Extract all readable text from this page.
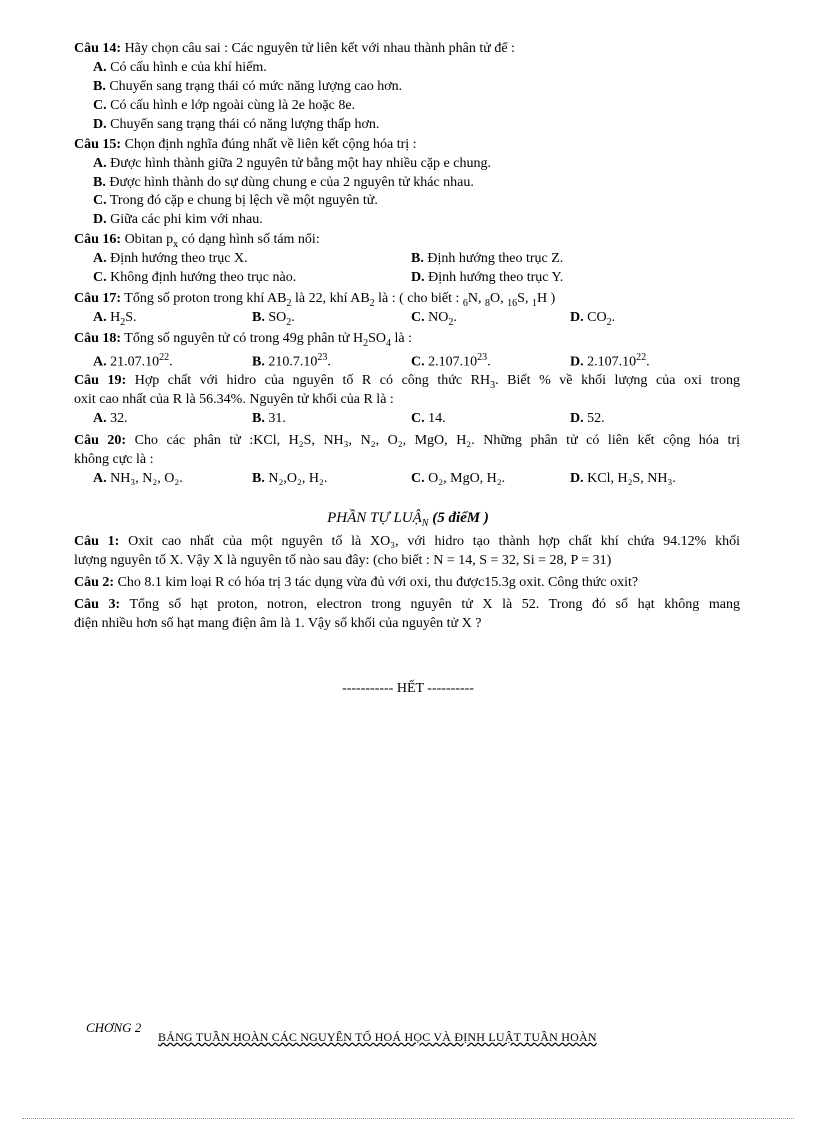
Câu 14: Hãy chọn câu sai : Các nguyên tử liên kết với nhau thành phân tử để :
A. Có cấu hình e của khí hiếm.
B. Chuyển sang trạng thái có mức năng lượng cao hơn.
C. Có cấu hình e lớp ngoài cùng là 2e hoặc 8e.
D. Chuyển sang trạng thái có năng lượng thấp hơn.
Câu 15: Chọn định nghĩa đúng nhất về liên kết cộng hóa trị :
A. Được hình thành giữa 2 nguyên tử bằng một hay nhiều cặp e chung.
B. Được hình thành do sự dùng chung e của 2 nguyên tử khác nhau.
C. Trong đó cặp e chung bị lệch về một nguyên tử.
D. Giữa các phi kim với nhau.
Câu 16: Obitan $p_x$ có dạng hình số tám nổi:
A. Định hướng theo trục X.	B. Định hướng theo trục Z.
C. Không định hướng theo trục nào.	D. Định hướng theo trục Y.
Câu 17: Tổng số proton trong khí $AB_2$ là 22, khí $AB_2$ là : ( cho biết : $_6$N, $_8$O, $_{16}$S, $_1$H )
A. $H_2S$.	B. $SO_2$.	C. $NO_2$.	D. $CO_2$.
Câu 18: Tổng số nguyên tử có trong 49g phân tử $H_2SO_4$ là :
A. 21.07.10$^{22}$.	B. 210.7.10$^{23}$.	C. 2.107.10$^{23}$.	D. 2.107.10$^{22}$.
Câu 19: Hợp chất với hidro của nguyên tố R có công thức $RH_3$. Biết % về khối lượng của oxi trong
oxit cao nhất của R là 56.34%. Nguyên tử khối của R là :
A. 32.	B. 31.	C. 14.	D. 52.
Câu 20: Cho các phân tử :KCl, H₂S, NH₃, N₂, O₂, MgO, H₂. Những phân tử có liên kết cộng hóa trị
không cực là :
A. NH₃, N₂, O₂.	B. N₂,O₂, H₂.	C. O₂, MgO, H₂.	D. KCl, H₂S, NH₃.
PHẦN TỰ LUẬ$_N$ (5 điểM )
Câu 1: Oxit cao nhất của một nguyên tố là XO₃, với hidro tạo thành hợp chất khí chứa 94.12% khối
lượng nguyên tố X. Vậy X là nguyên tố nào sau đây: (cho biết : N = 14, S = 32, Si = 28, P = 31)
Câu 2: Cho 8.1 kim loại R có hóa trị 3 tác dụng vừa đủ với oxi, thu được15.3g oxit. Công thức oxit?
Câu 3: Tổng số hạt proton, notron, electron trong nguyên tử X là 52. Trong đó số hạt không mang
điện nhiều hơn số hạt mang điện âm là 1. Vậy số khối của nguyên tử X ?
----------- HẾT ----------
CHƠNG 2
BẢNG TUẦN HOÀN CÁC NGUYÊN TỐ HOÁ HỌC VÀ ĐỊNH LUẬT TUẦN HOÀN
